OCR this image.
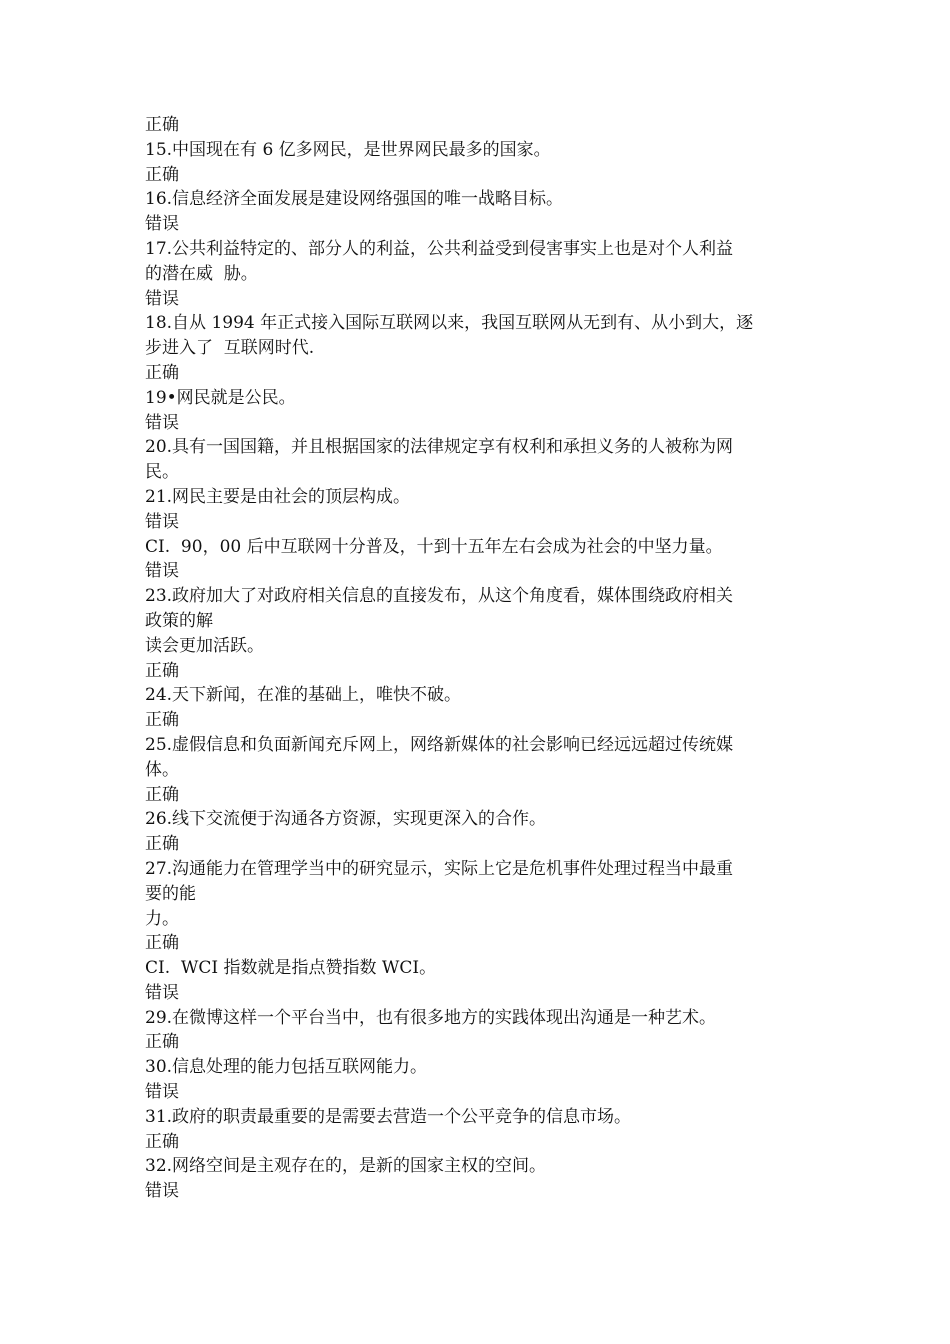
正确
15.中国现在有 6 亿多网民，是世界网民最多的国家。
正确
16.信息经济全面发展是建设网络强国的唯一战略目标。
错误
17.公共利益特定的、部分人的利益，公共利益受到侵害事实上也是对个人利益
的潜在威  胁。
错误
18.自从 1994 年正式接入国际互联网以来，我国互联网从无到有、从小到大，逐
步进入了  互联网时代.
正确
19•网民就是公民。
错误
20.具有一国国籍，并且根据国家的法律规定享有权利和承担义务的人被称为网
民。
21.网民主要是由社会的顶层构成。
错误
CI.  90，00 后中互联网十分普及，十到十五年左右会成为社会的中坚力量。
错误
23.政府加大了对政府相关信息的直接发布，从这个角度看，媒体围绕政府相关
政策的解
读会更加活跃。
正确
24.天下新闻，在准的基础上，唯快不破。
正确
25.虚假信息和负面新闻充斥网上，网络新媒体的社会影响已经远远超过传统媒
体。
正确
26.线下交流便于沟通各方资源，实现更深入的合作。
正确
27.沟通能力在管理学当中的研究显示，实际上它是危机事件处理过程当中最重
要的能
力。
正确
CI.  WCI 指数就是指点赞指数 WCI。
错误
29.在微博这样一个平台当中，也有很多地方的实践体现出沟通是一种艺术。
正确
30.信息处理的能力包括互联网能力。
错误
31.政府的职责最重要的是需要去营造一个公平竞争的信息市场。
正确
32.网络空间是主观存在的，是新的国家主权的空间。
错误
